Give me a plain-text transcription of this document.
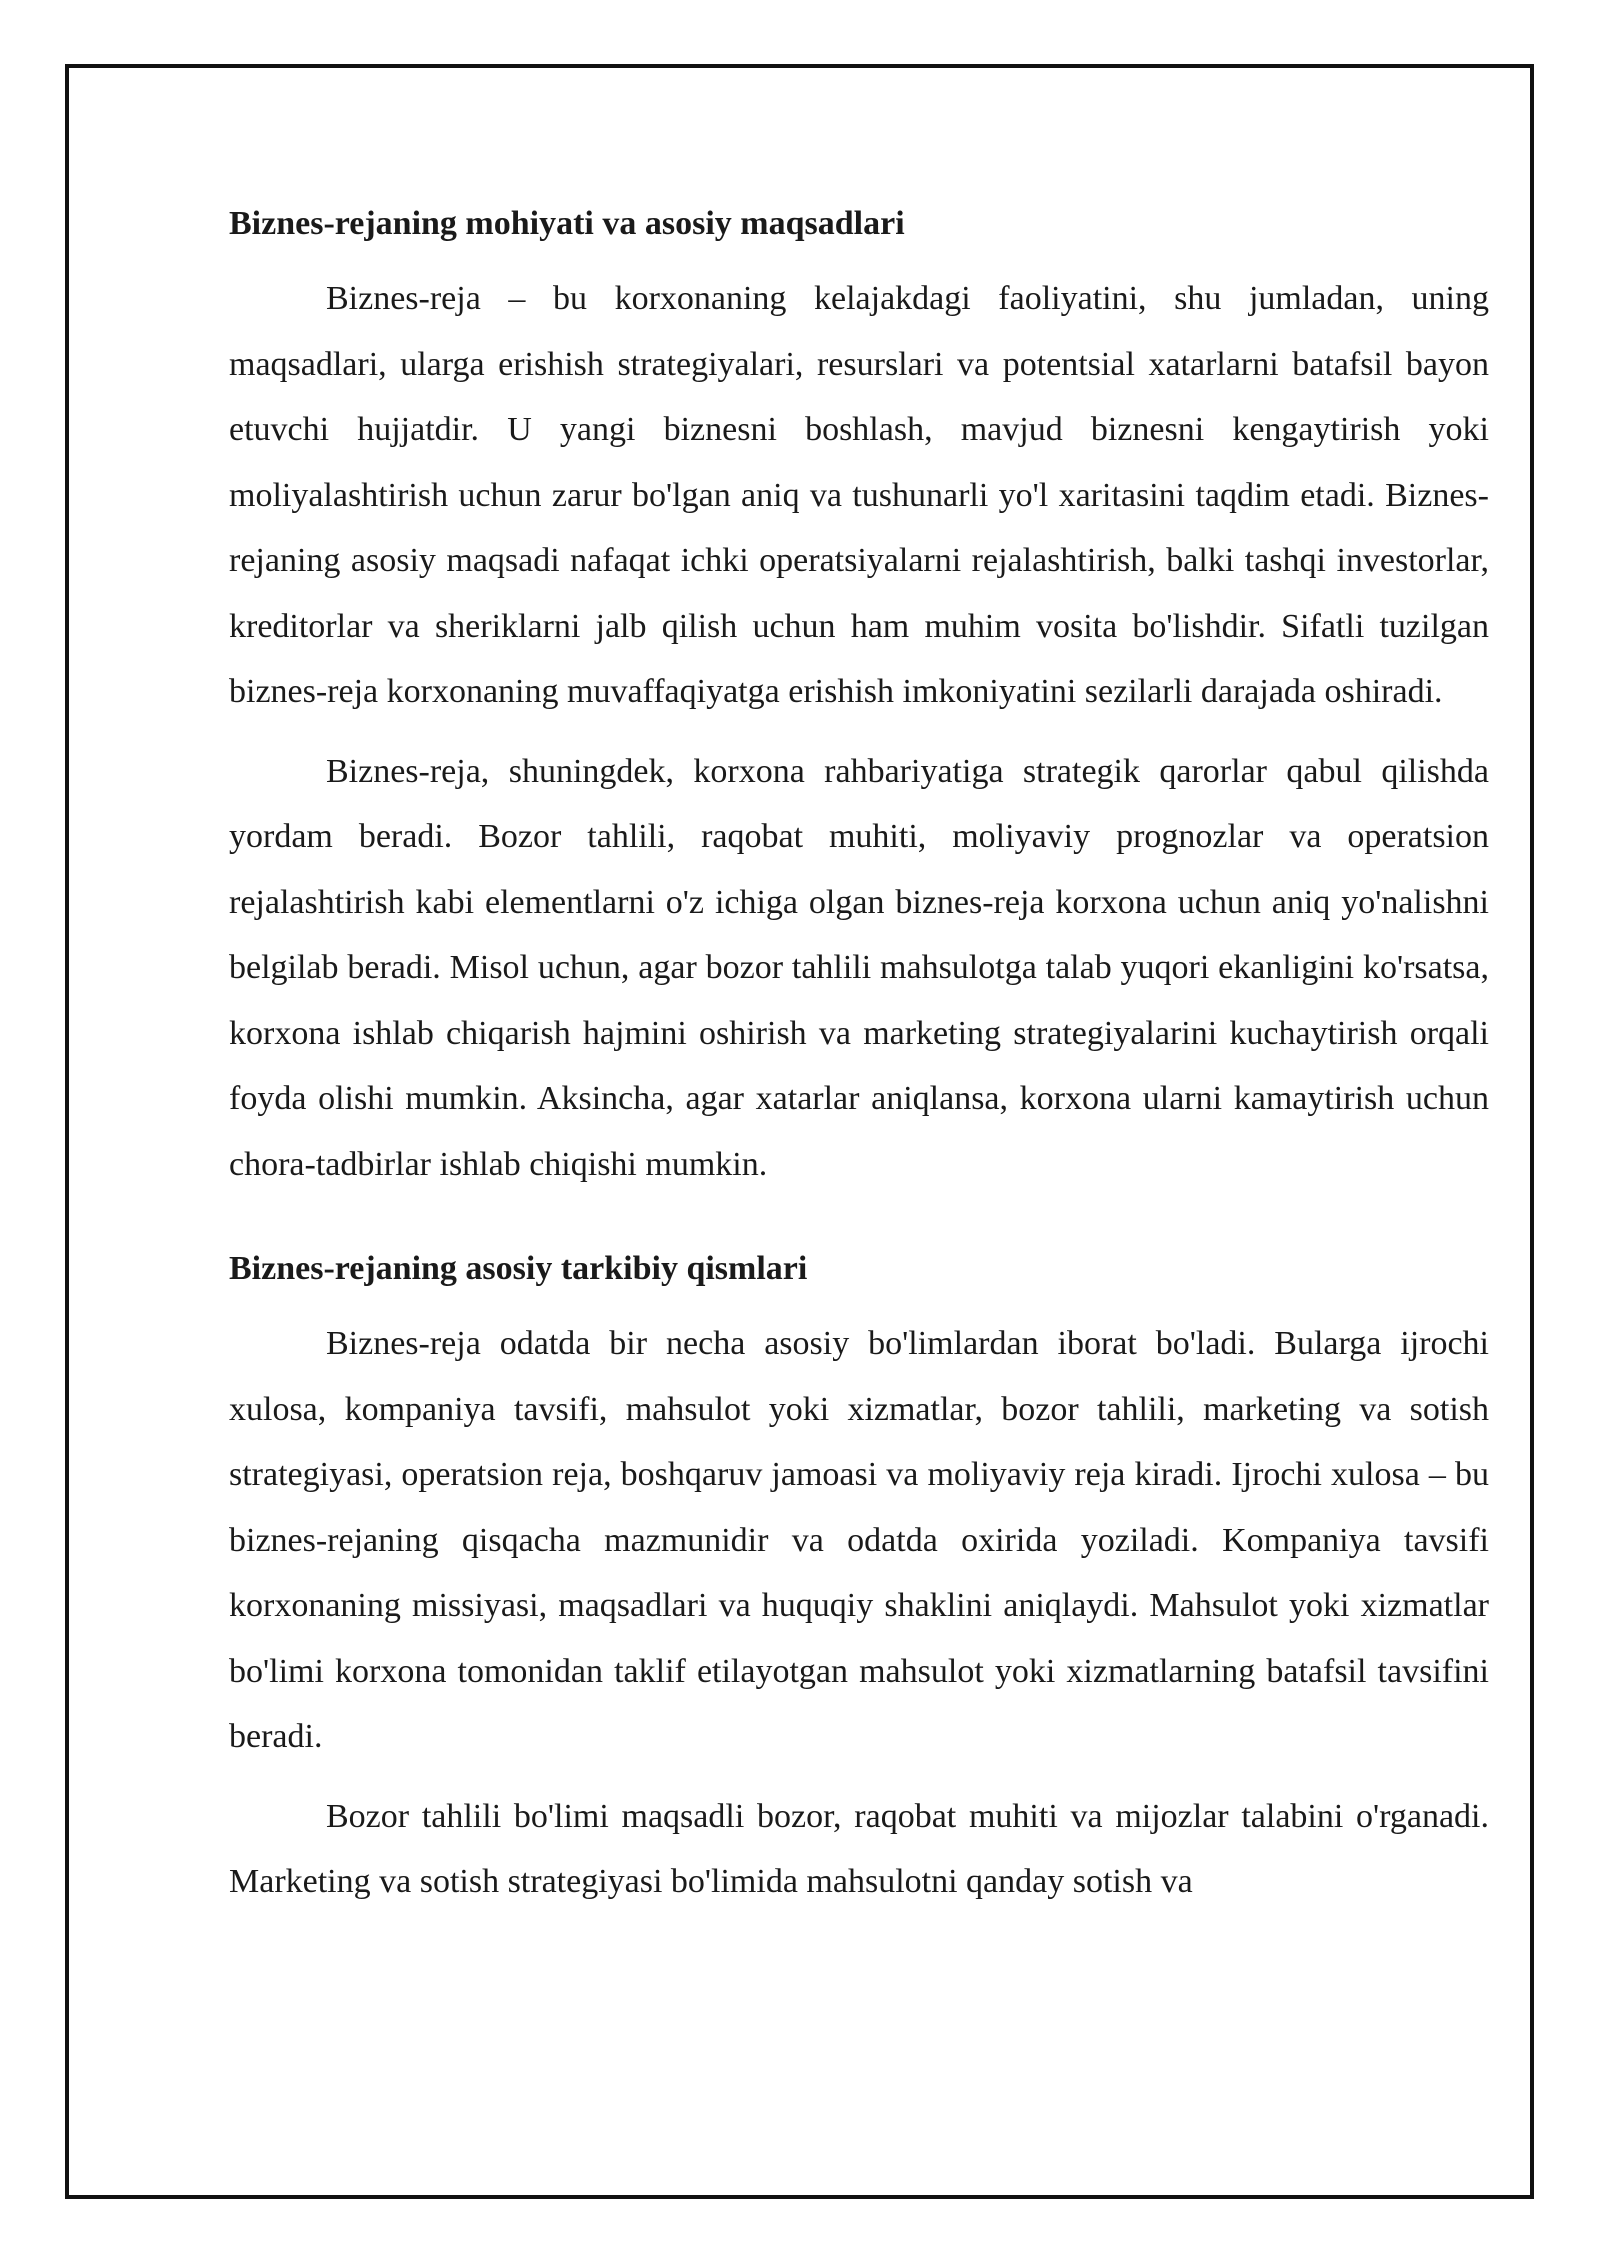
Biznes-rejaning mohiyati va asosiy maqsadlari

Biznes-reja – bu korxonaning kelajakdagi faoliyatini, shu jumladan, uning maqsadlari, ularga erishish strategiyalari, resurslari va potentsial xatarlarni batafsil bayon etuvchi hujjatdir. U yangi biznesni boshlash, mavjud biznesni kengaytirish yoki moliyalashtirish uchun zarur bo'lgan aniq va tushunarli yo'l xaritasini taqdim etadi. Biznes-rejaning asosiy maqsadi nafaqat ichki operatsiyalarni rejalashtirish, balki tashqi investorlar, kreditorlar va sheriklarni jalb qilish uchun ham muhim vosita bo'lishdir. Sifatli tuzilgan biznes-reja korxonaning muvaffaqiyatga erishish imkoniyatini sezilarli darajada oshiradi.

Biznes-reja, shuningdek, korxona rahbariyatiga strategik qarorlar qabul qilishda yordam beradi. Bozor tahlili, raqobat muhiti, moliyaviy prognozlar va operatsion rejalashtirish kabi elementlarni o'z ichiga olgan biznes-reja korxona uchun aniq yo'nalishni belgilab beradi. Misol uchun, agar bozor tahlili mahsulotga talab yuqori ekanligini ko'rsatsa, korxona ishlab chiqarish hajmini oshirish va marketing strategiyalarini kuchaytirish orqali foyda olishi mumkin. Aksincha, agar xatarlar aniqlansa, korxona ularni kamaytirish uchun chora-tadbirlar ishlab chiqishi mumkin.

Biznes-rejaning asosiy tarkibiy qismlari

Biznes-reja odatda bir necha asosiy bo'limlardan iborat bo'ladi. Bularga ijrochi xulosa, kompaniya tavsifi, mahsulot yoki xizmatlar, bozor tahlili, marketing va sotish strategiyasi, operatsion reja, boshqaruv jamoasi va moliyaviy reja kiradi. Ijrochi xulosa – bu biznes-rejaning qisqacha mazmunidir va odatda oxirida yoziladi. Kompaniya tavsifi korxonaning missiyasi, maqsadlari va huquqiy shaklini aniqlaydi. Mahsulot yoki xizmatlar bo'limi korxona tomonidan taklif etilayotgan mahsulot yoki xizmatlarning batafsil tavsifini beradi.

Bozor tahlili bo'limi maqsadli bozor, raqobat muhiti va mijozlar talabini o'rganadi. Marketing va sotish strategiyasi bo'limida mahsulotni qanday sotish va
